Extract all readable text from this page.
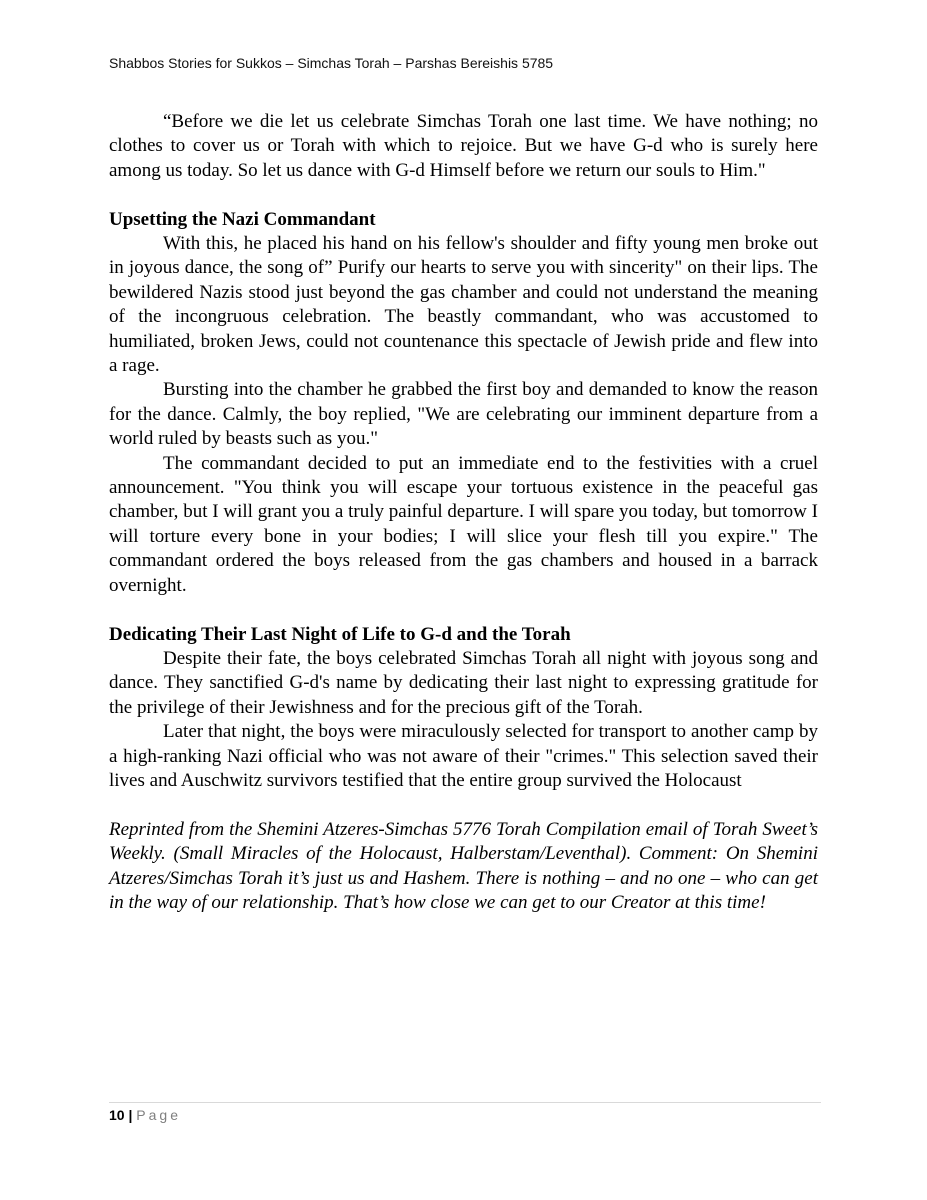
Shabbos Stories for Sukkos – Simchas Torah – Parshas Bereishis 5785

“Before we die let us celebrate Simchas Torah one last time. We have nothing; no clothes to cover us or Torah with which to rejoice. But we have G-d who is surely here among us today. So let us dance with G-d Himself before we return our souls to Him."

Upsetting the Nazi Commandant

With this, he placed his hand on his fellow's shoulder and fifty young men broke out in joyous dance, the song of” Purify our hearts to serve you with sincerity" on their lips. The bewildered Nazis stood just beyond the gas chamber and could not understand the meaning of the incongruous celebration. The beastly commandant, who was accustomed to humiliated, broken Jews, could not countenance this spectacle of Jewish pride and flew into a rage.

Bursting into the chamber he grabbed the first boy and demanded to know the reason for the dance. Calmly, the boy replied, "We are celebrating our imminent departure from a world ruled by beasts such as you."

The commandant decided to put an immediate end to the festivities with a cruel announcement. "You think you will escape your tortuous existence in the peaceful gas chamber, but I will grant you a truly painful departure. I will spare you today, but tomorrow I will torture every bone in your bodies; I will slice your flesh till you expire." The commandant ordered the boys released from the gas chambers and housed in a barrack overnight.

Dedicating Their Last Night of Life to G-d and the Torah

Despite their fate, the boys celebrated Simchas Torah all night with joyous song and dance. They sanctified G-d's name by dedicating their last night to expressing gratitude for the privilege of their Jewishness and for the precious gift of the Torah.

Later that night, the boys were miraculously selected for transport to another camp by a high-ranking Nazi official who was not aware of their "crimes." This selection saved their lives and Auschwitz survivors testified that the entire group survived the Holocaust

Reprinted from the Shemini Atzeres-Simchas 5776 Torah Compilation email of Torah Sweet’s Weekly. (Small Miracles of the Holocaust, Halberstam/Leventhal). Comment: On Shemini Atzeres/Simchas Torah it’s just us and Hashem. There is nothing – and no one – who can get in the way of our relationship. That’s how close we can get to our Creator at this time!

10 | Page
